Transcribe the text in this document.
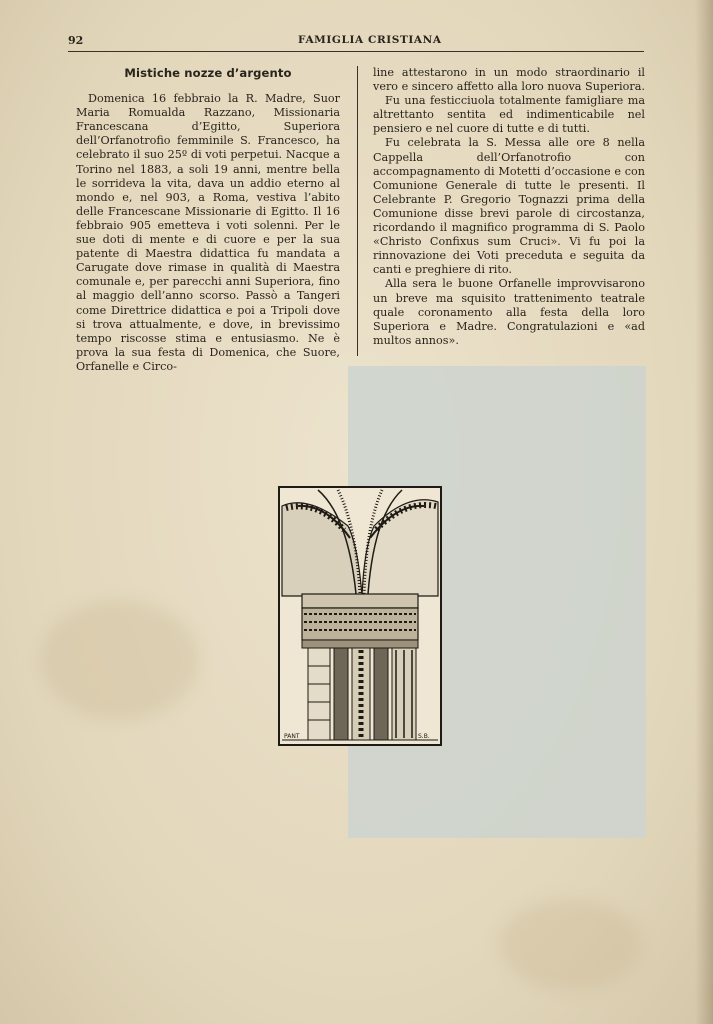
92	FAMIGLIA CRISTIANA
Mistiche nozze d’argento

Domenica 16 febbraio la R. Madre, Suor Maria Romualda Razzano, Missionaria Francescana d’Egitto, Superiora dell’Orfanotrofio femminile S. Francesco, ha celebrato il suo 25º di voti perpetui. Nacque a Torino nel 1883, a soli 19 anni, mentre bella le sorrideva la vita, dava un addio eterno al mondo e, nel 903, a Roma, vestiva l’abito delle Francescane Missionarie di Egitto. Il 16 febbraio 905 emetteva i voti solenni. Per le sue doti di mente e di cuore e per la sua patente di Maestra didattica fu mandata a Carugate dove rimase in qualità di Maestra comunale e, per parecchi anni Superiora, fino al maggio dell’anno scorso. Passò a Tangeri come Direttrice didattica e poi a Tripoli dove si trova attualmente, e dove, in brevissimo tempo riscosse stima e entusiasmo. Ne è prova la sua festa di Domenica, che Suore, Orfanelle e Circo-

line attestarono in un modo straordinario il vero e sincero affetto alla loro nuova Superiora.

Fu una festicciuola totalmente famigliare ma altrettanto sentita ed indimenticabile nel pensiero e nel cuore di tutte e di tutti.

Fu celebrata la S. Messa alle ore 8 nella Cappella dell’Orfanotrofio con accompagnamento di Motetti d’occasione e con Comunione Generale di tutte le presenti. Il Celebrante P. Gregorio Tognazzi prima della Comunione disse brevi parole di circostanza, ricordando il magnifico programma di S. Paolo «Christo Confixus sum Cruci». Vi fu poi la rinnovazione dei Voti preceduta e seguita da canti e preghiere di rito.

Alla sera le buone Orfanelle improvvisarono un breve ma squisito trattenimento teatrale quale coronamento alla festa della loro Superiora e Madre. Congratulazioni e «ad multos annos».

PANT	S.B.
